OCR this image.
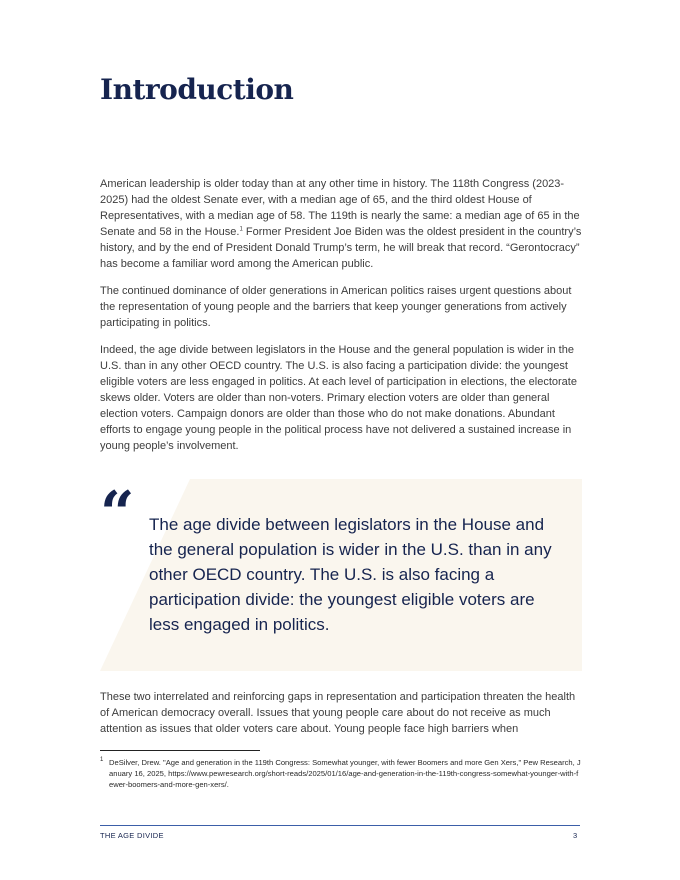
Introduction

American leadership is older today than at any other time in history. The 118th Congress (2023-2025) had the oldest Senate ever, with a median age of 65, and the third oldest House of Representatives, with a median age of 58. The 119th is nearly the same: a median age of 65 in the Senate and 58 in the House.$^1$ Former President Joe Biden was the oldest president in the country’s history, and by the end of President Donald Trump’s term, he will break that record. “Gerontocracy” has become a familiar word among the American public.

The continued dominance of older generations in American politics raises urgent questions about the representation of young people and the barriers that keep younger generations from actively participating in politics.

Indeed, the age divide between legislators in the House and the general population is wider in the U.S. than in any other OECD country. The U.S. is also facing a participation divide: the youngest eligible voters are less engaged in politics. At each level of participation in elections, the electorate skews older. Voters are older than non-voters. Primary election voters are older than general election voters. Campaign donors are older than those who do not make donations. Abundant efforts to engage young people in the political process have not delivered a sustained increase in young people’s involvement.

“ The age divide between legislators in the House and the general population is wider in the U.S. than in any other OECD country. The U.S. is also facing a participation divide: the youngest eligible voters are less engaged in politics.

These two interrelated and reinforcing gaps in representation and participation threaten the health of American democracy overall. Issues that young people care about do not receive as much attention as issues that older voters care about. Young people face high barriers when

1 DeSilver, Drew. "Age and generation in the 119th Congress: Somewhat younger, with fewer Boomers and more Gen Xers," Pew Research, January 16, 2025, https://www.pewresearch.org/short-reads/2025/01/16/age-and-generation-in-the-119th-congress-somewhat-younger-with-fewer-boomers-and-more-gen-xers/.
THE AGE DIVIDE	3
